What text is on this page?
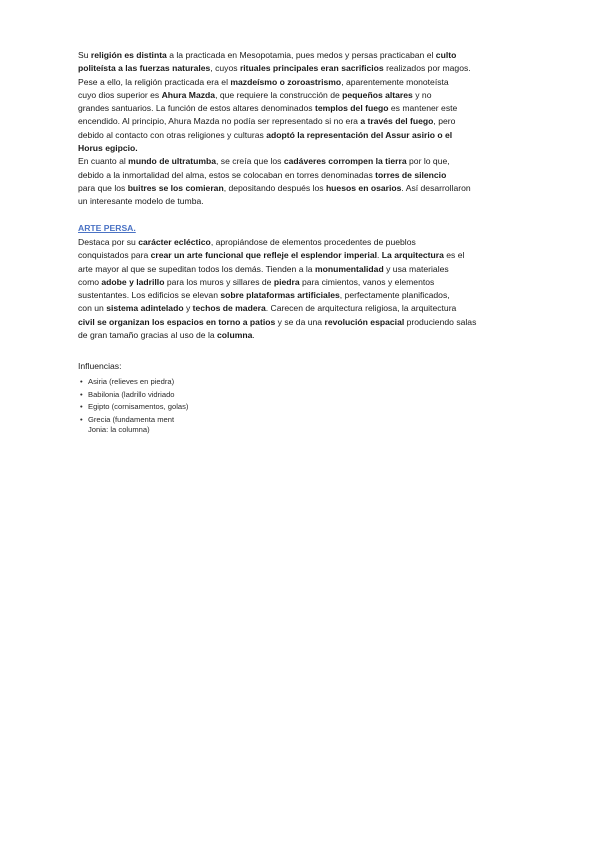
Su religión es distinta a la practicada en Mesopotamia, pues medos y persas practicaban el culto

politeísta a las fuerzas naturales, cuyos rituales principales eran sacrificios realizados por magos.

Pese a ello, la religión practicada era el mazdeísmo o zoroastrismo, aparentemente monoteísta

cuyo dios superior es Ahura Mazda, que requiere la construcción de pequeños altares y no

grandes santuarios. La función de estos altares denominados templos del fuego es mantener este

encendido. Al principio, Ahura Mazda no podía ser representado si no era a través del fuego, pero

debido al contacto con otras religiones y culturas adoptó la representación del Assur asirio o el

Horus egipcio.

En cuanto al mundo de ultratumba, se creía que los cadáveres corrompen la tierra por lo que,

debido a la inmortalidad del alma, estos se colocaban en torres denominadas torres de silencio

para que los buitres se los comieran, depositando después los huesos en osarios. Así desarrollaron

un interesante modelo de tumba.

ARTE PERSA.

Destaca por su carácter ecléctico, apropiándose de elementos procedentes de pueblos

conquistados para crear un arte funcional que refleje el esplendor imperial. La arquitectura es el

arte mayor al que se supeditan todos los demás. Tienden a la monumentalidad y usa materiales

como adobe y ladrillo para los muros y sillares de piedra para cimientos, vanos y elementos

sustentantes. Los edificios se elevan sobre plataformas artificiales, perfectamente planificados,

con un sistema adintelado y techos de madera. Carecen de arquitectura religiosa, la arquitectura

civil se organizan los espacios en torno a patios y se da una revolución espacial produciendo salas

de gran tamaño gracias al uso de la columna.

Influencias:
• Asiria (relieves en piedra)
• Babilonia (ladrillo vidriado
• Egipto (cornisamentos, golas)
• Grecia (fundamenta ment Jonia: la columna)
